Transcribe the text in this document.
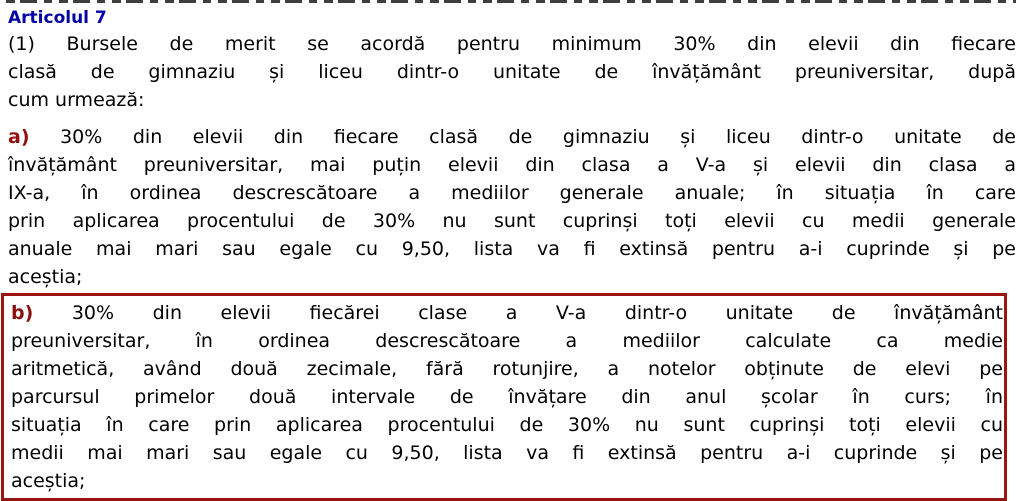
Articolul 7
(1) Bursele de merit se acordă pentru minimum 30% din elevii din fiecare
clasă de gimnaziu și liceu dintr-o unitate de învățământ preuniversitar, după
cum urmează:
a) 30% din elevii din fiecare clasă de gimnaziu și liceu dintr-o unitate de
învățământ preuniversitar, mai puțin elevii din clasa a V-a și elevii din clasa a
IX-a, în ordinea descrescătoare a mediilor generale anuale; în situația în care
prin aplicarea procentului de 30% nu sunt cuprinși toți elevii cu medii generale
anuale mai mari sau egale cu 9,50, lista va fi extinsă pentru a-i cuprinde și pe
aceștia;
b) 30% din elevii fiecărei clase a V-a dintr-o unitate de învățământ
preuniversitar, în ordinea descrescătoare a mediilor calculate ca medie
aritmetică, având două zecimale, fără rotunjire, a notelor obținute de elevi pe
parcursul primelor două intervale de învățare din anul școlar în curs; în
situația în care prin aplicarea procentului de 30% nu sunt cuprinși toți elevii cu
medii mai mari sau egale cu 9,50, lista va fi extinsă pentru a-i cuprinde și pe
aceștia;
